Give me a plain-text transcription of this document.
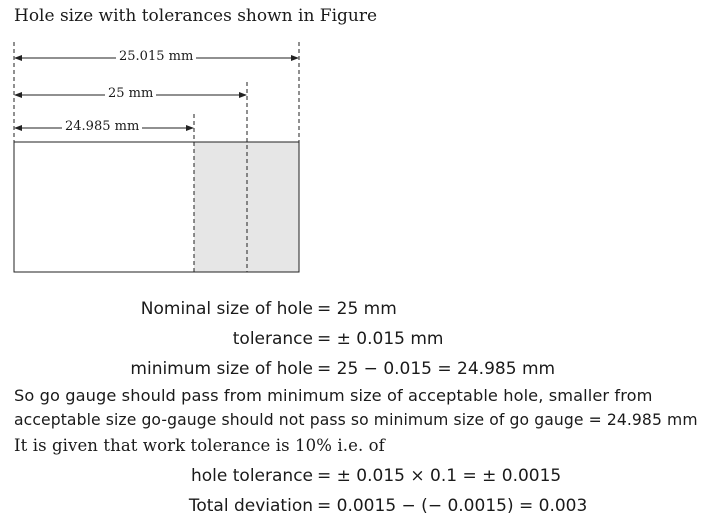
Hole size with tolerances shown in Figure
25.015 mm
25 mm
24.985 mm
Nominal size of hole = 25 mm
tolerance = ± 0.015 mm
minimum size of hole = 25 − 0.015 = 24.985 mm
So go gauge should pass from minimum size of acceptable hole, smaller from
acceptable size go-gauge should not pass so minimum size of go gauge = 24.985 mm
It is given that work tolerance is 10% i.e. of
hole tolerance = ± 0.015 × 0.1 = ± 0.0015
Total deviation = 0.0015 − (− 0.0015) = 0.003
